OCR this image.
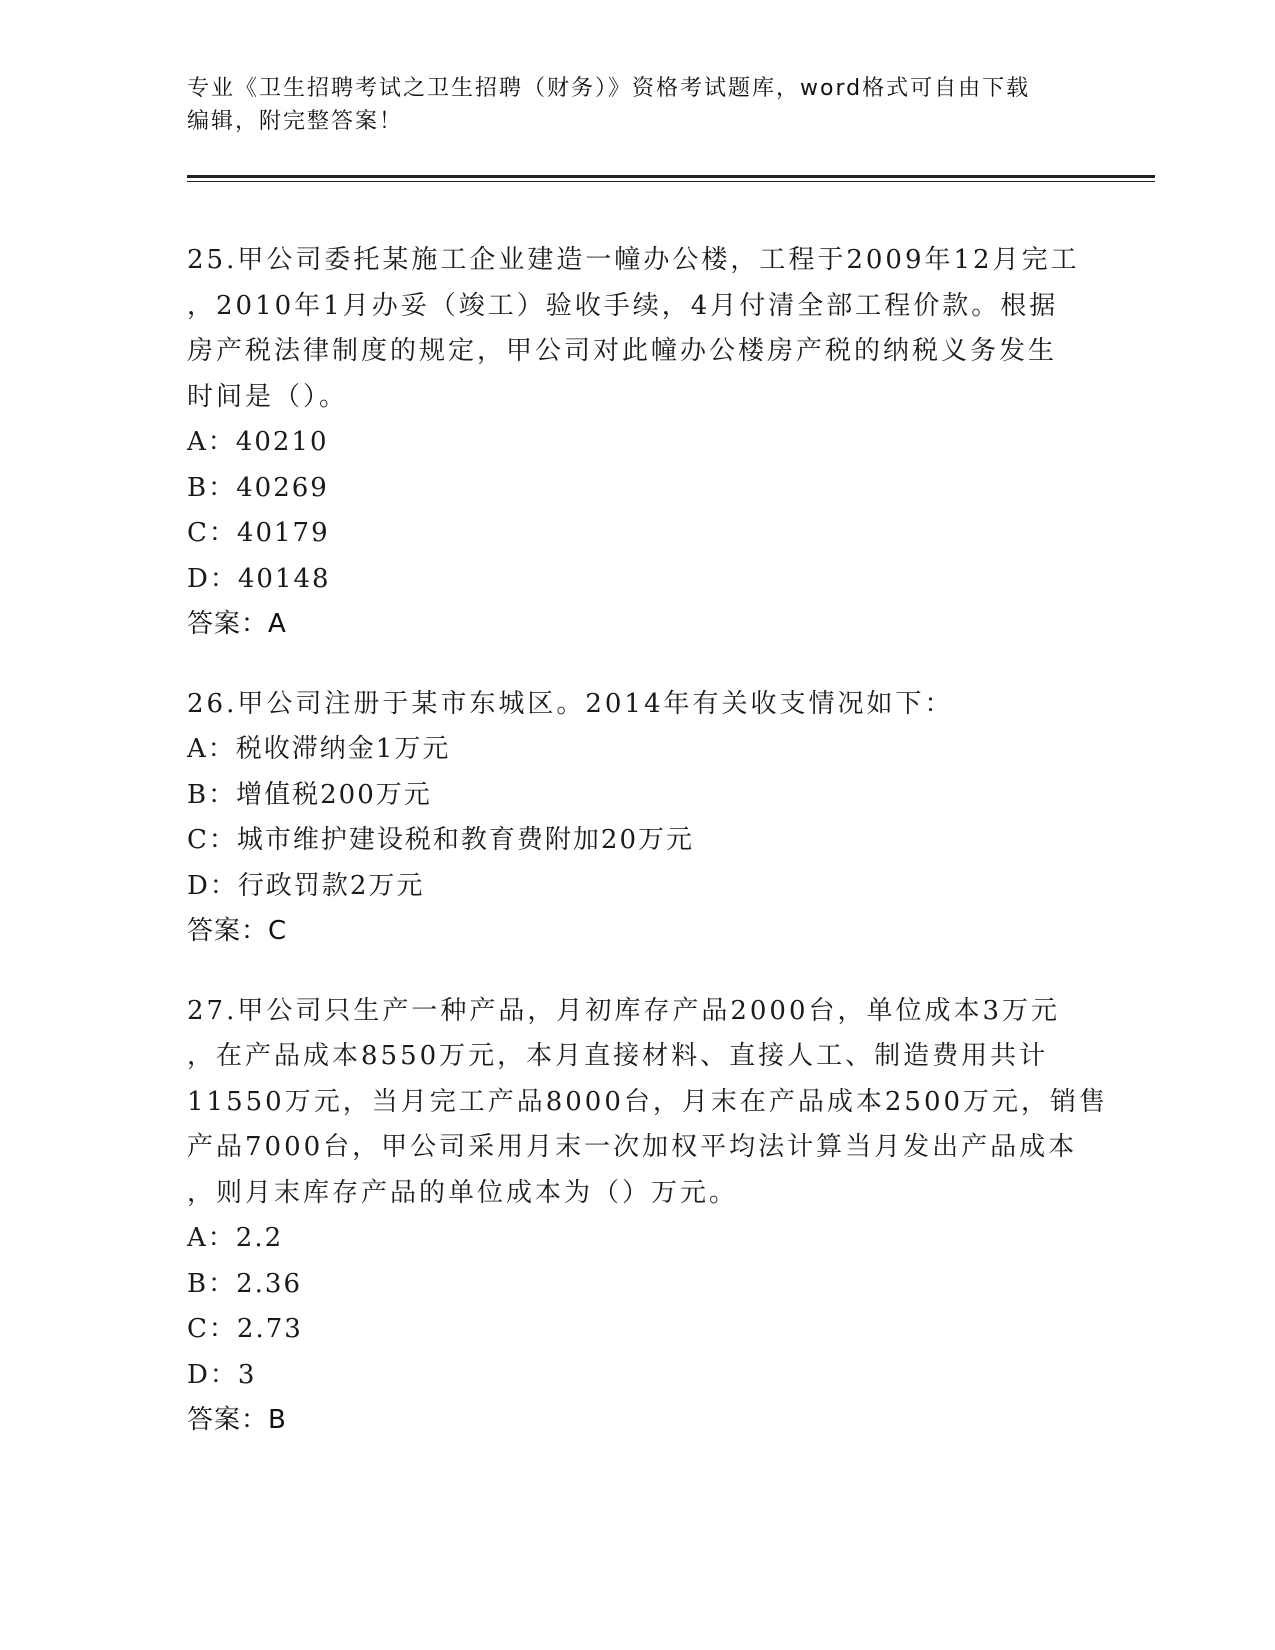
专业《卫生招聘考试之卫生招聘（财务）》资格考试题库，word格式可自由下载
编辑，附完整答案！
25.甲公司委托某施工企业建造一幢办公楼，工程于2009年12月完工
，2010年1月办妥（竣工）验收手续，4月付清全部工程价款。根据
房产税法律制度的规定，甲公司对此幢办公楼房产税的纳税义务发生
时间是（）。
A：40210
B：40269
C：40179
D：40148
答案：A
26.甲公司注册于某市东城区。2014年有关收支情况如下：
A：税收滞纳金1万元
B：增值税200万元
C：城市维护建设税和教育费附加20万元
D：行政罚款2万元
答案：C
27.甲公司只生产一种产品，月初库存产品2000台，单位成本3万元
，在产品成本8550万元，本月直接材料、直接人工、制造费用共计
11550万元，当月完工产品8000台，月末在产品成本2500万元，销售
产品7000台，甲公司采用月末一次加权平均法计算当月发出产品成本
，则月末库存产品的单位成本为（）万元。
A：2.2
B：2.36
C：2.73
D：3
答案：B
